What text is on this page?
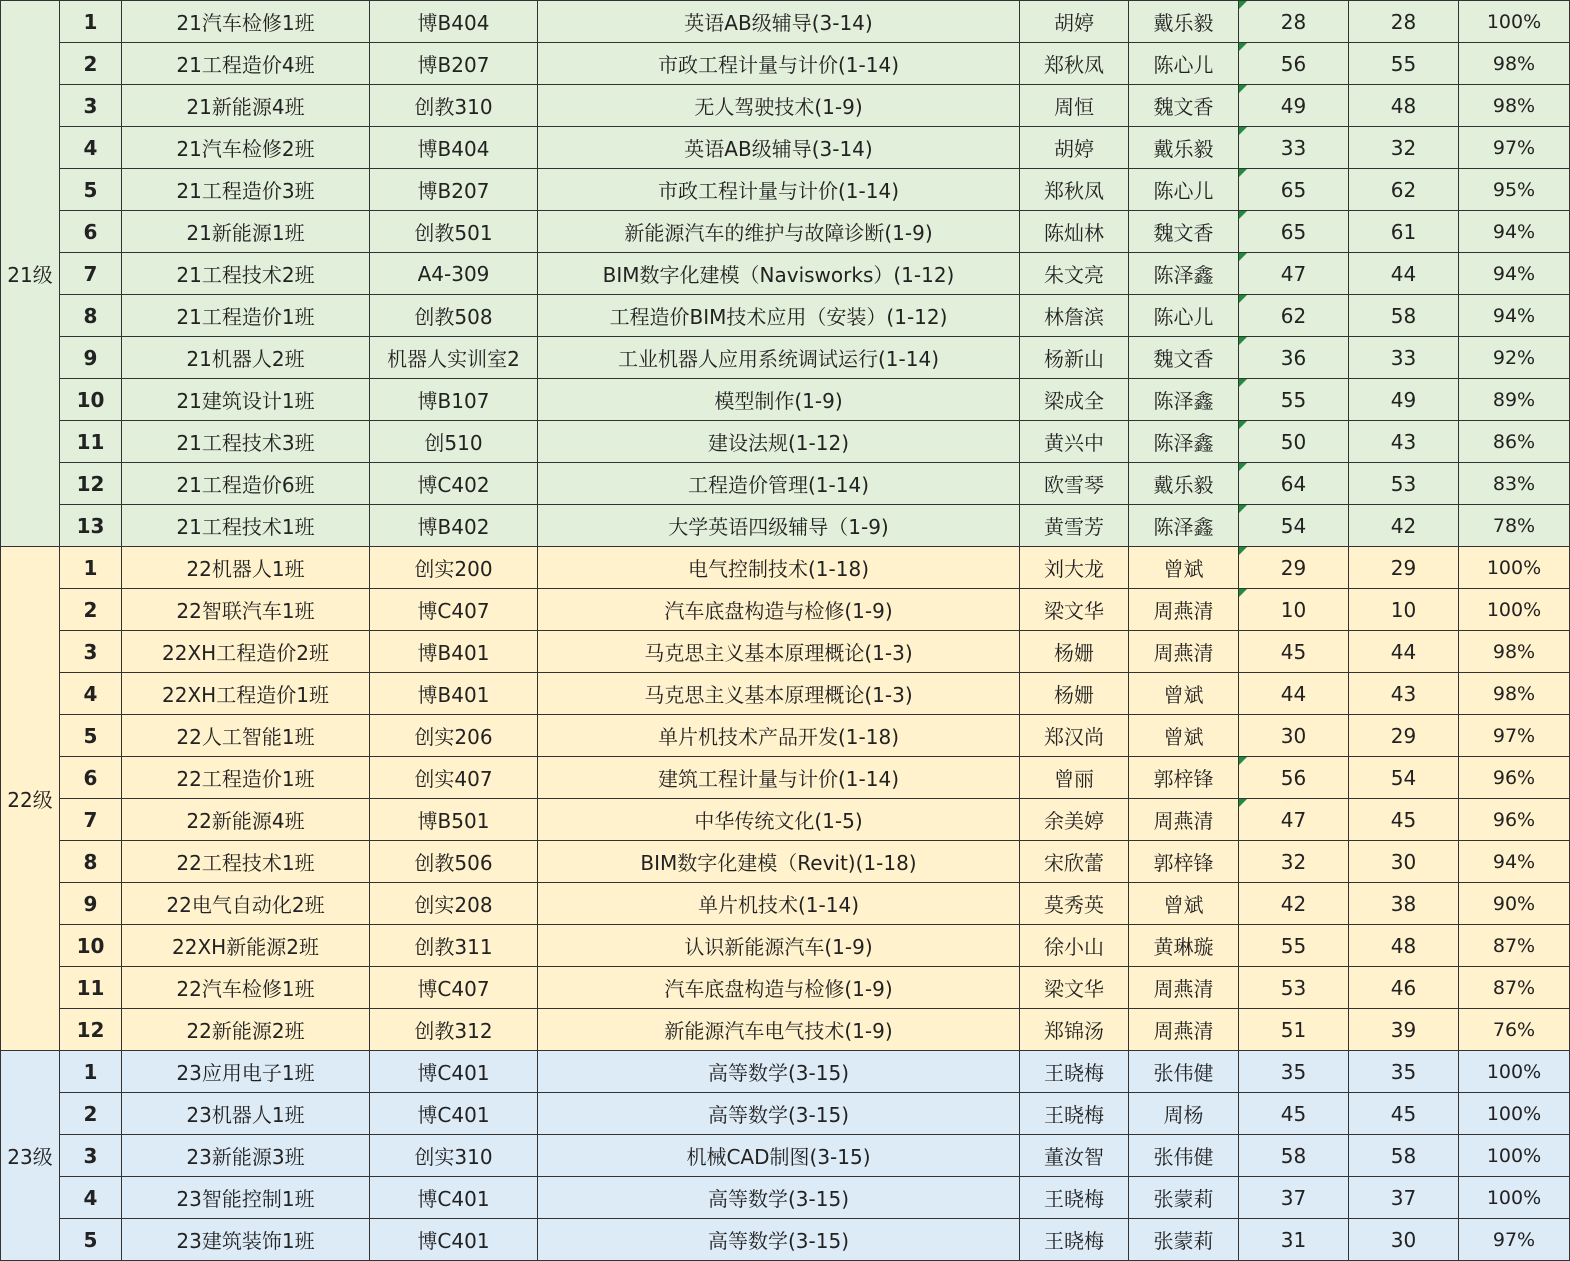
21级	1	21汽车检修1班	博B404	英语AB级辅导(3-14)	胡婷	戴乐毅	28	28	100%
	2	21工程造价4班	博B207	市政工程计量与计价(1-14)	郑秋凤	陈心儿	56	55	98%
	3	21新能源4班	创教310	无人驾驶技术(1-9)	周恒	魏文香	49	48	98%
	4	21汽车检修2班	博B404	英语AB级辅导(3-14)	胡婷	戴乐毅	33	32	97%
	5	21工程造价3班	博B207	市政工程计量与计价(1-14)	郑秋凤	陈心儿	65	62	95%
	6	21新能源1班	创教501	新能源汽车的维护与故障诊断(1-9)	陈灿林	魏文香	65	61	94%
	7	21工程技术2班	A4-309	BIM数字化建模（Navisworks）(1-12)	朱文亮	陈泽鑫	47	44	94%
	8	21工程造价1班	创教508	工程造价BIM技术应用（安装）(1-12)	林詹滨	陈心儿	62	58	94%
	9	21机器人2班	机器人实训室2	工业机器人应用系统调试运行(1-14)	杨新山	魏文香	36	33	92%
	10	21建筑设计1班	博B107	模型制作(1-9)	梁成全	陈泽鑫	55	49	89%
	11	21工程技术3班	创510	建设法规(1-12)	黄兴中	陈泽鑫	50	43	86%
	12	21工程造价6班	博C402	工程造价管理(1-14)	欧雪琴	戴乐毅	64	53	83%
	13	21工程技术1班	博B402	大学英语四级辅导（1-9)	黄雪芳	陈泽鑫	54	42	78%
22级	1	22机器人1班	创实200	电气控制技术(1-18)	刘大龙	曾斌	29	29	100%
	2	22智联汽车1班	博C407	汽车底盘构造与检修(1-9)	梁文华	周燕清	10	10	100%
	3	22XH工程造价2班	博B401	马克思主义基本原理概论(1-3)	杨姗	周燕清	45	44	98%
	4	22XH工程造价1班	博B401	马克思主义基本原理概论(1-3)	杨姗	曾斌	44	43	98%
	5	22人工智能1班	创实206	单片机技术产品开发(1-18)	郑汉尚	曾斌	30	29	97%
	6	22工程造价1班	创实407	建筑工程计量与计价(1-14)	曾丽	郭梓锋	56	54	96%
	7	22新能源4班	博B501	中华传统文化(1-5)	余美婷	周燕清	47	45	96%
	8	22工程技术1班	创教506	BIM数字化建模（Revit)(1-18)	宋欣蕾	郭梓锋	32	30	94%
	9	22电气自动化2班	创实208	单片机技术(1-14)	莫秀英	曾斌	42	38	90%
	10	22XH新能源2班	创教311	认识新能源汽车(1-9)	徐小山	黄琳璇	55	48	87%
	11	22汽车检修1班	博C407	汽车底盘构造与检修(1-9)	梁文华	周燕清	53	46	87%
	12	22新能源2班	创教312	新能源汽车电气技术(1-9)	郑锦汤	周燕清	51	39	76%
23级	1	23应用电子1班	博C401	高等数学(3-15)	王晓梅	张伟健	35	35	100%
	2	23机器人1班	博C401	高等数学(3-15)	王晓梅	周杨	45	45	100%
	3	23新能源3班	创实310	机械CAD制图(3-15)	董汝智	张伟健	58	58	100%
	4	23智能控制1班	博C401	高等数学(3-15)	王晓梅	张蒙莉	37	37	100%
	5	23建筑装饰1班	博C401	高等数学(3-15)	王晓梅	张蒙莉	31	30	97%
